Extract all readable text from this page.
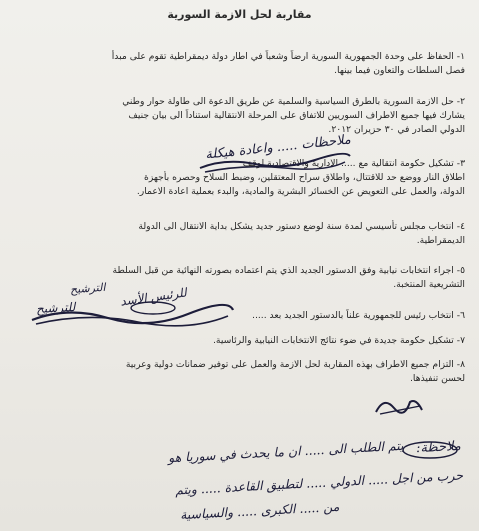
مقاربة لحل الازمة السورية
١- الحفاظ على وحدة الجمهورية السورية ارضاً وشعباً في اطار دولة ديمقراطية تقوم على مبدأ
فصل السلطات والتعاون فيما بينها.
٢- حل الازمة السورية بالطرق السياسية والسلمية عن طريق الدعوة الى طاولة حوار وطني
يشارك فيها جميع الاطراف السوريين للاتفاق على المرحلة الانتقالية استناداً الى بيان جنيف
الدولي الصادر في ٣٠ حزيران ٢٠١٢.
٣- تشكيل حكومة انتقالية مع ..... الادارية والاقتصادية لوقف
اطلاق النار ووضع حد للاقتتال، واطلاق سراح المعتقلين، وضبط السلاح وحصره بأجهزة
الدولة، والعمل على التعويض عن الخسائر البشرية والمادية، والبدء بعملية اعادة الاعمار.
٤- انتخاب مجلس تأسيسي لمدة سنة لوضع دستور جديد يشكل بداية الانتقال الى الدولة
الديمقراطية.
٥- اجراء انتخابات نيابية وفق الدستور الجديد الذي يتم اعتماده بصورته النهائية من قبل السلطة
التشريعية المنتخبة.
٦- انتخاب رئيس للجمهورية علناً بالدستور الجديد بعد .....
٧- تشكيل حكومة جديدة في ضوء نتائج الانتخابات النيابية والرئاسية.
٨- التزام جميع الاطراف بهذه المقاربة لحل الازمة والعمل على توفير ضمانات دولية وعربية
لحسن تنفيذها.
ملاحظات ..... واعادة هيكلة
الترشيح للرئيس الأسد
للترشيح
ملاحظة:
يتم الطلب الى ..... ان ما يحدث في سوريا هو
حرب من اجل ..... الدولي ..... لتطبيق القاعدة ..... ويتم
من ..... الكبرى ..... والسياسية
